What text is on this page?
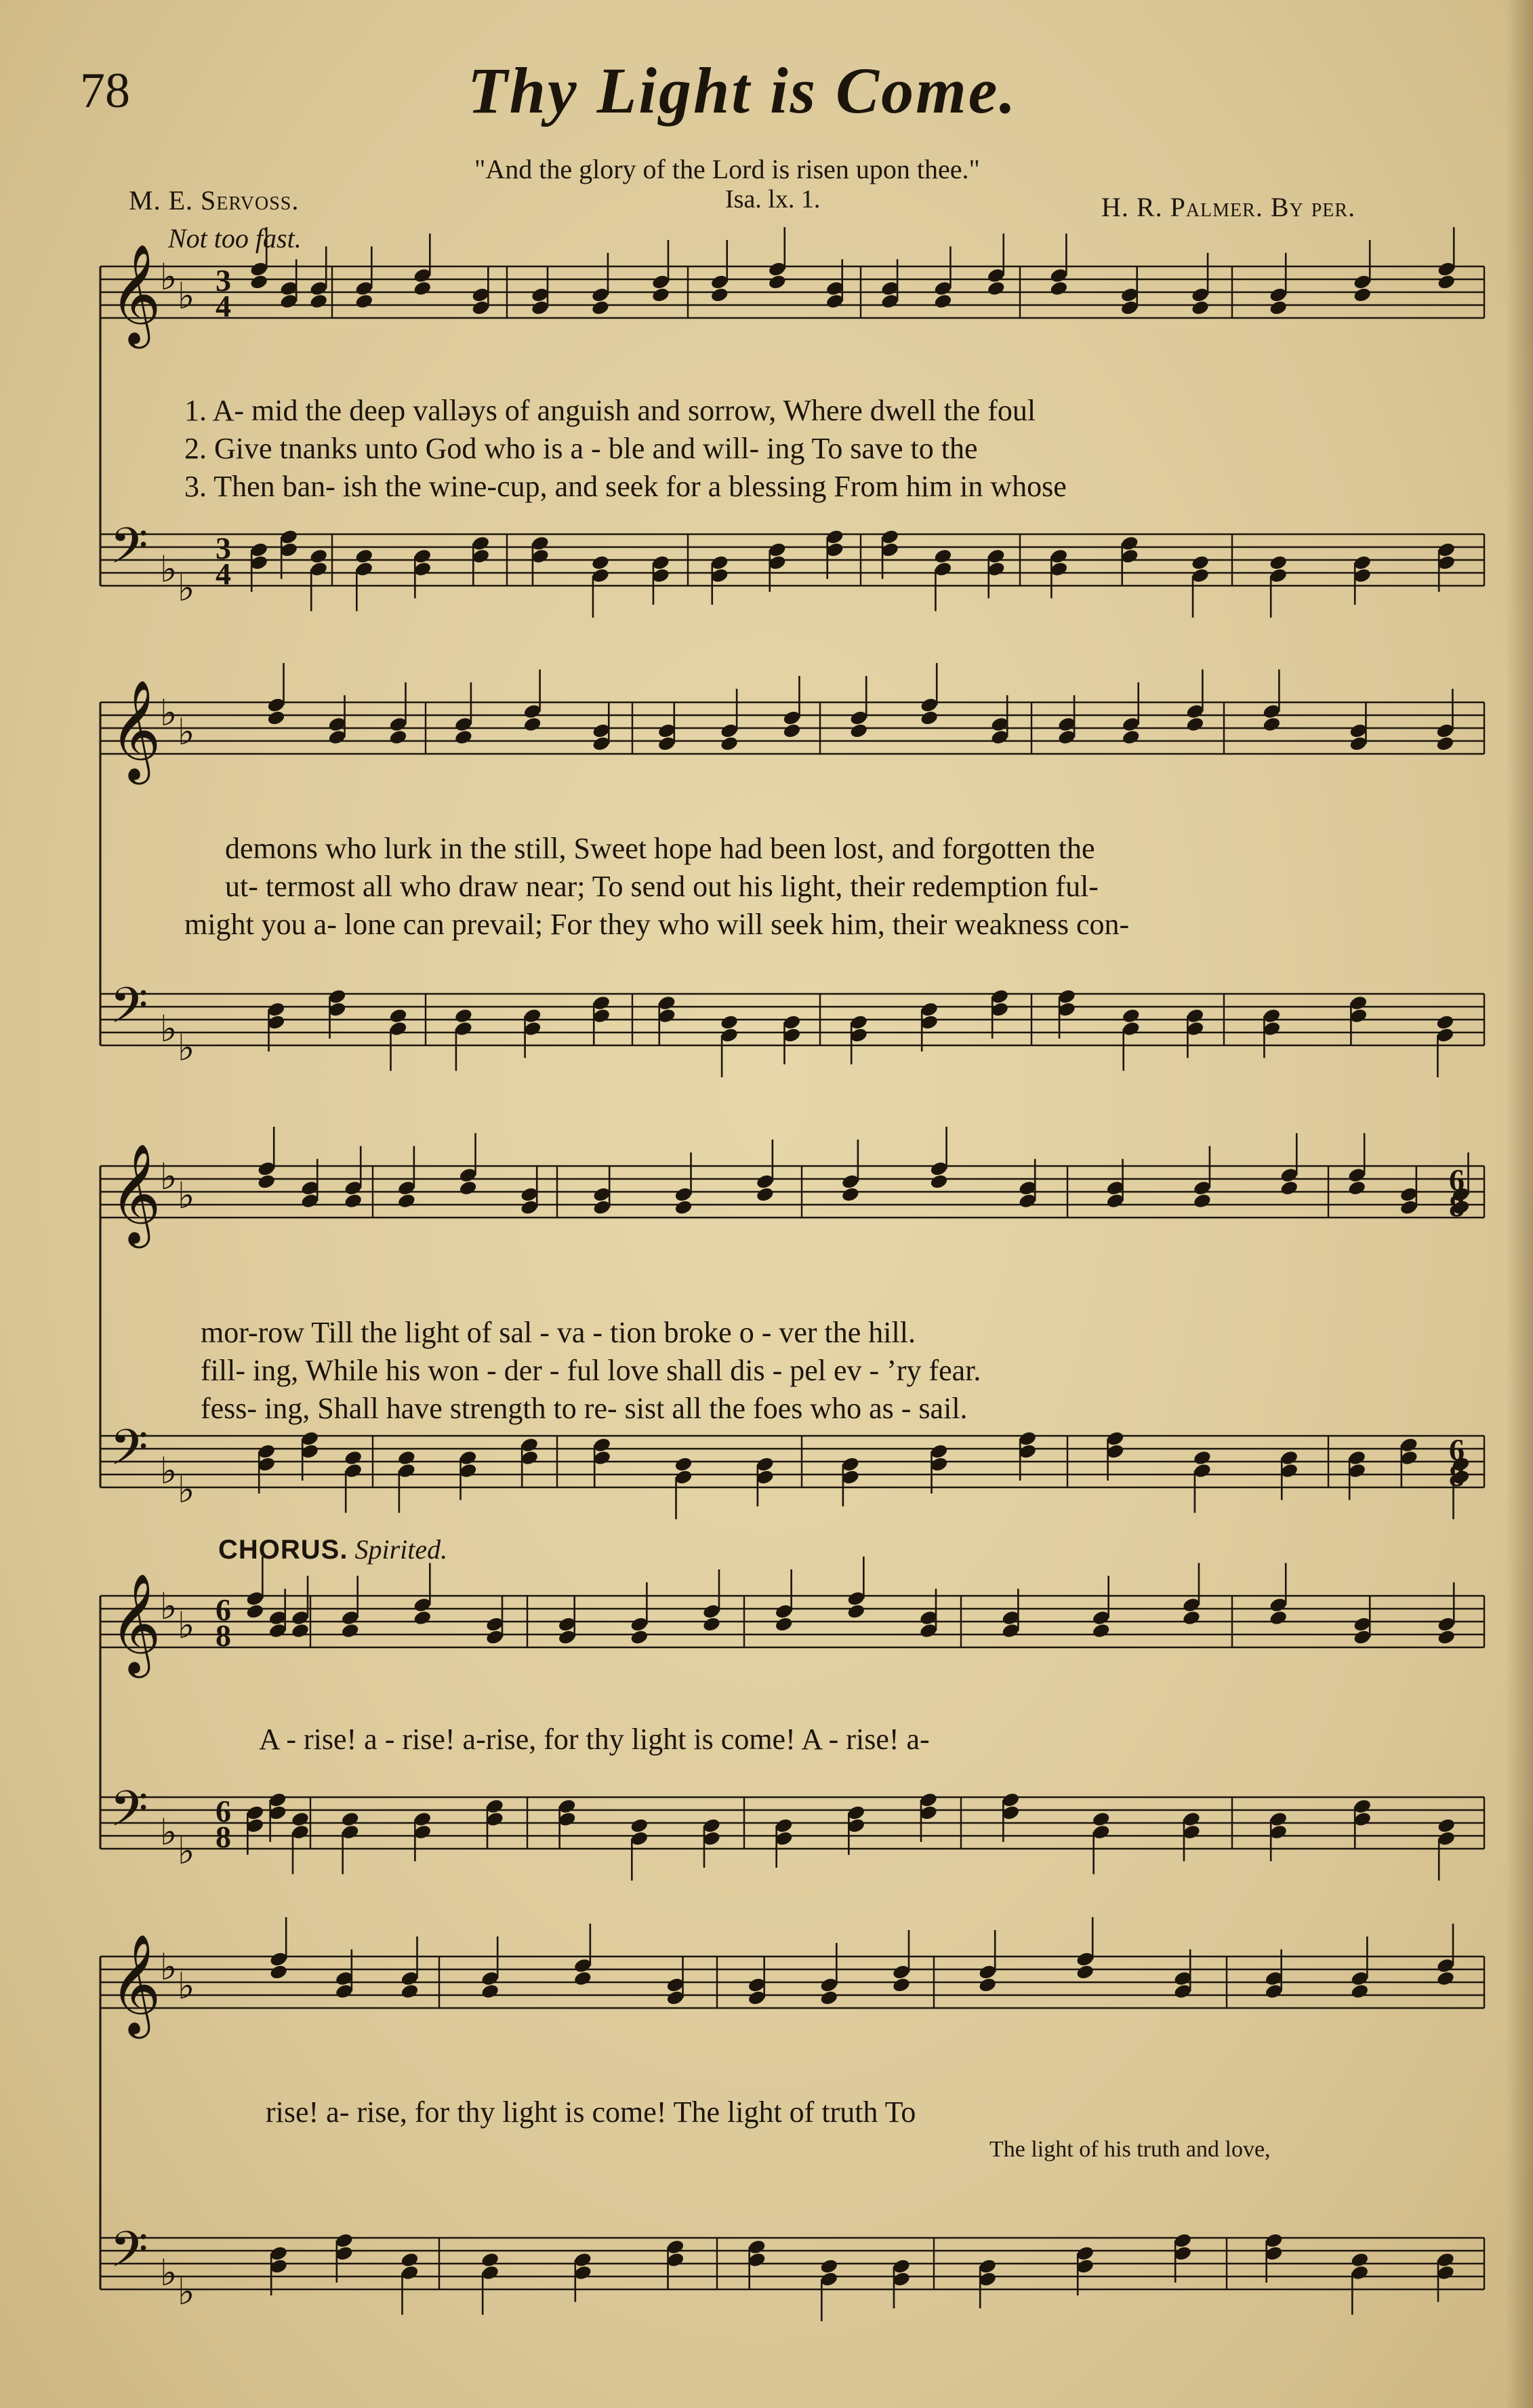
78	Thy Light is Come.
"And the glory of the Lord is risen upon thee."
M. E. Servoss.	Isa. lx. 1.	H. R. Palmer. By per.
Not too fast.
𝄞
♭ ♭
𝄢 ♭ ♭
𝄞
♭ ♭
𝄢 ♭ ♭
𝄞
♭ ♭
𝄢 ♭ ♭
𝄞
♭ ♭
𝄢 ♭ ♭
𝄞
♭ ♭
𝄢 ♭ ♭
3
4
3
4
6
8
6
8
6
8
6
8
1. A- mid the deep valləys of anguish and sorrow, Where dwell the foul
2. Give tnanks unto God who is a - ble and will- ing To save to the
3. Then ban- ish the wine-cup, and seek for a blessing From him in whose
demons who lurk in the still, Sweet hope had been lost, and forgotten the
ut- termost all who draw near; To send out his light, their redemption ful-
might you a- lone can prevail; For they who will seek him, their weakness con-
mor-row Till the light of sal - va - tion broke o - ver the hill.
fill- ing, While his won - der - ful love shall dis - pel ev - ’ry fear.
fess- ing, Shall have strength to re- sist all the foes who as - sail.
CHORUS. Spirited.
A - rise! a - rise! a-rise, for thy light is come! A - rise! a-
rise! a- rise, for thy light is come! The light of truth To
The light of his truth and love,
